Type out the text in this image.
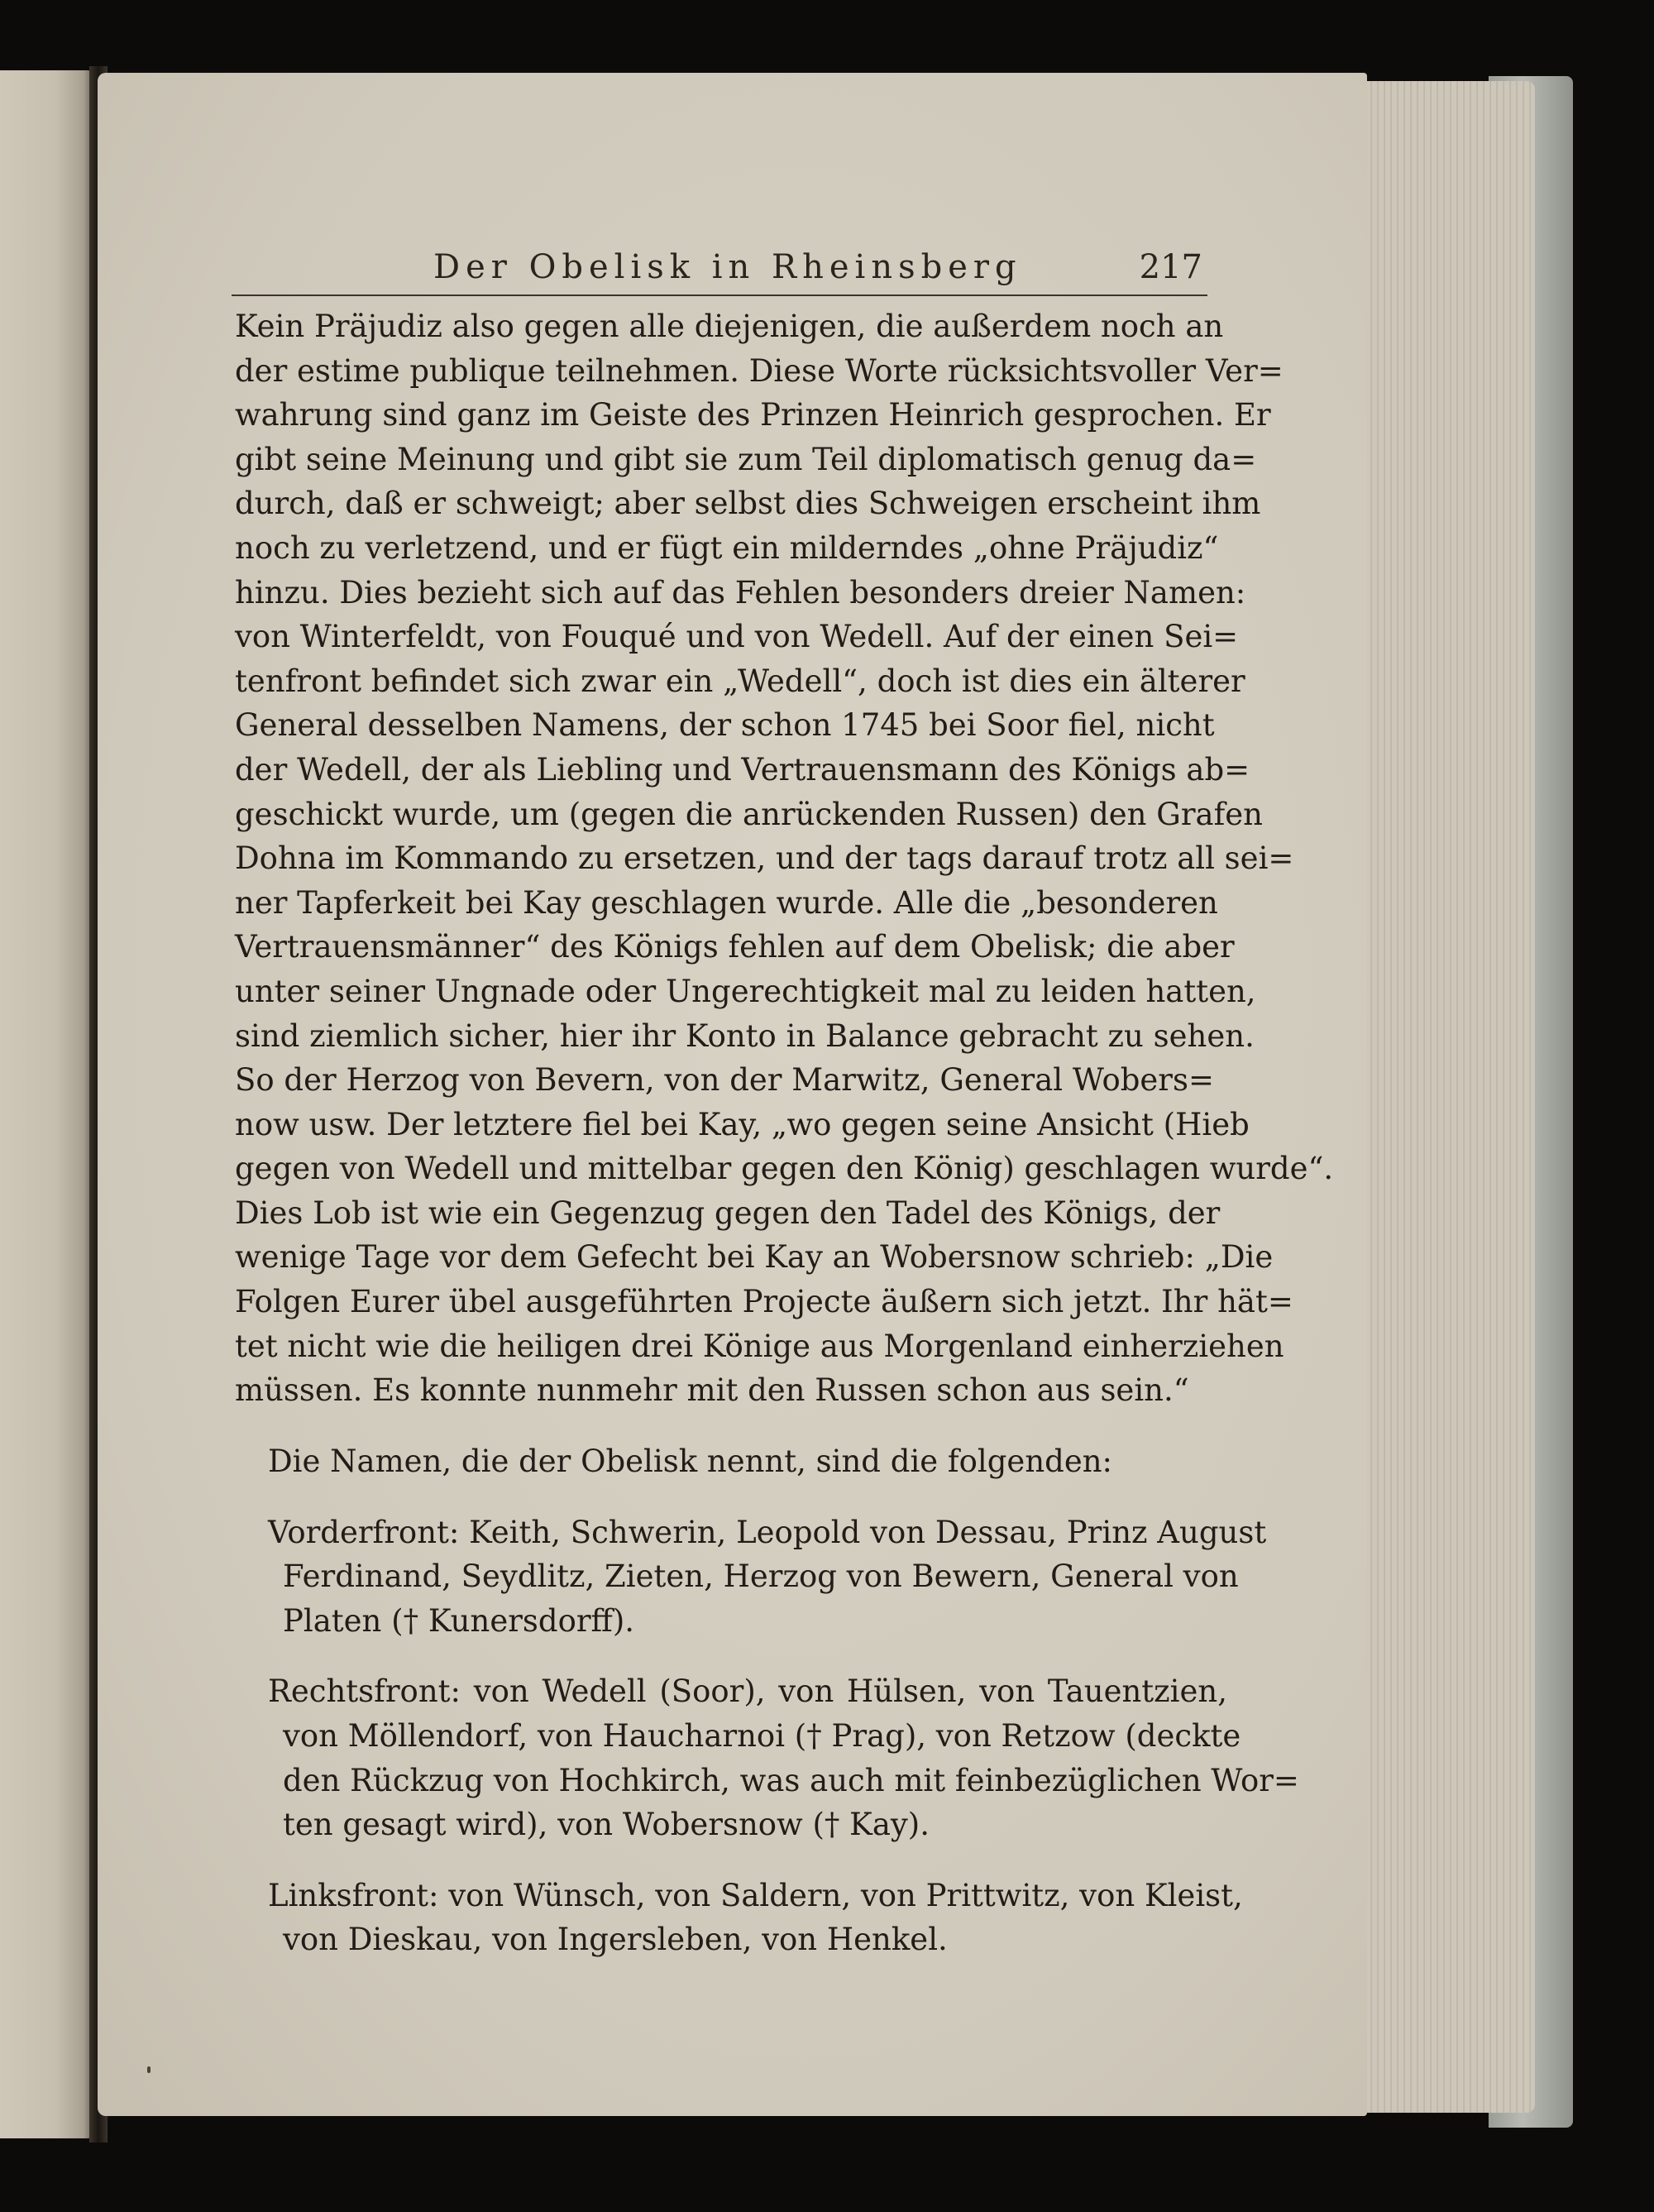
Der Obelisk in Rheinsberg	217
Kein Präjudiz also gegen alle diejenigen, die außerdem noch an
der estime publique teilnehmen. Diese Worte rücksichtsvoller Ver=
wahrung sind ganz im Geiste des Prinzen Heinrich gesprochen. Er
gibt seine Meinung und gibt sie zum Teil diplomatisch genug da=
durch, daß er schweigt; aber selbst dies Schweigen erscheint ihm
noch zu verletzend, und er fügt ein milderndes „ohne Präjudiz“
hinzu. Dies bezieht sich auf das Fehlen besonders dreier Namen:
von Winterfeldt, von Fouqué und von Wedell. Auf der einen Sei=
tenfront befindet sich zwar ein „Wedell“, doch ist dies ein älterer
General desselben Namens, der schon 1745 bei Soor fiel, nicht
der Wedell, der als Liebling und Vertrauensmann des Königs ab=
geschickt wurde, um (gegen die anrückenden Russen) den Grafen
Dohna im Kommando zu ersetzen, und der tags darauf trotz all sei=
ner Tapferkeit bei Kay geschlagen wurde. Alle die „besonderen
Vertrauensmänner“ des Königs fehlen auf dem Obelisk; die aber
unter seiner Ungnade oder Ungerechtigkeit mal zu leiden hatten,
sind ziemlich sicher, hier ihr Konto in Balance gebracht zu sehen.
So der Herzog von Bevern, von der Marwitz, General Wobers=
now usw. Der letztere fiel bei Kay, „wo gegen seine Ansicht (Hieb
gegen von Wedell und mittelbar gegen den König) geschlagen wurde“.
Dies Lob ist wie ein Gegenzug gegen den Tadel des Königs, der
wenige Tage vor dem Gefecht bei Kay an Wobersnow schrieb: „Die
Folgen Eurer übel ausgeführten Projecte äußern sich jetzt. Ihr hät=
tet nicht wie die heiligen drei Könige aus Morgenland einherziehen
müssen. Es konnte nunmehr mit den Russen schon aus sein.“
Die Namen, die der Obelisk nennt, sind die folgenden:
Vorderfront: Keith, Schwerin, Leopold von Dessau, Prinz August
Ferdinand, Seydlitz, Zieten, Herzog von Bewern, General von
Platen († Kunersdorff).
Rechtsfront: von Wedell (Soor), von Hülsen, von Tauentzien,
von Möllendorf, von Haucharnoi († Prag), von Retzow (deckte
den Rückzug von Hochkirch, was auch mit feinbezüglichen Wor=
ten gesagt wird), von Wobersnow († Kay).
Linksfront: von Wünsch, von Saldern, von Prittwitz, von Kleist,
von Dieskau, von Ingersleben, von Henkel.
